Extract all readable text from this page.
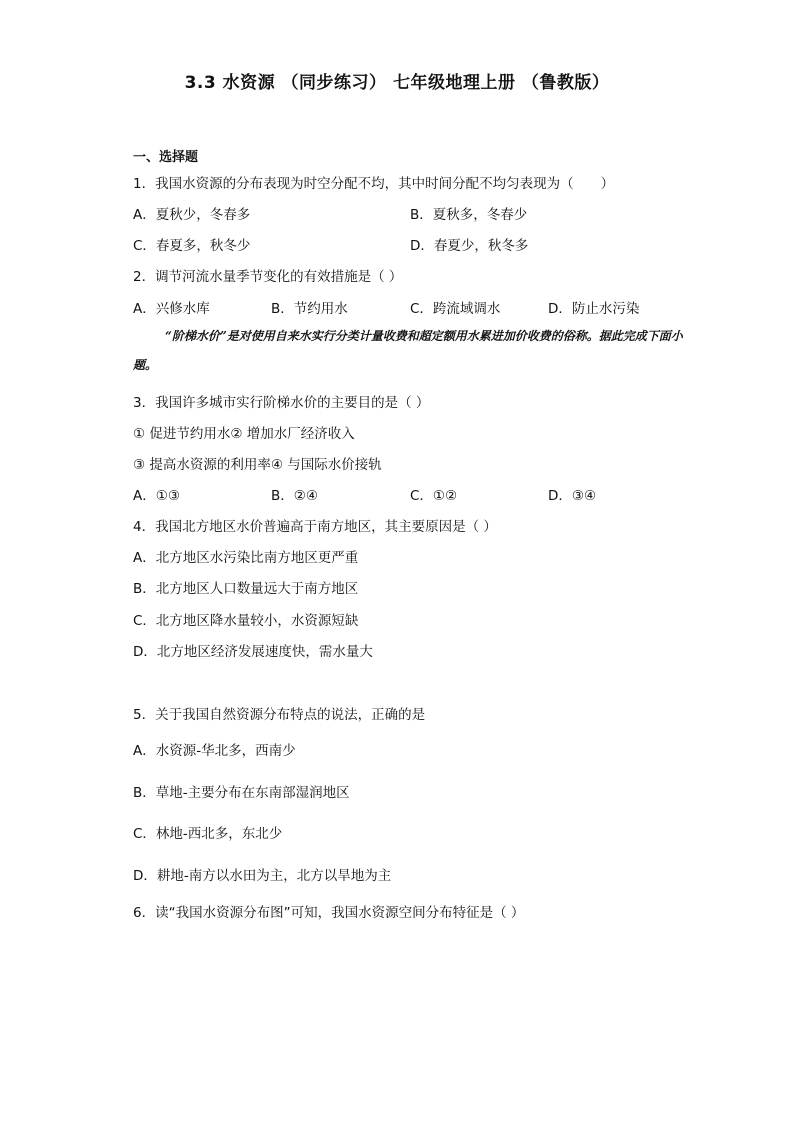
3.3 水资源 （同步练习） 七年级地理上册 （鲁教版）
一、选择题
1．我国水资源的分布表现为时空分配不均，其中时间分配不均匀表现为（　　）
A．夏秋少，冬春多	B．夏秋多，冬春少
C．春夏多，秋冬少	D．春夏少，秋冬多
2．调节河流水量季节变化的有效措施是（ ）
A．兴修水库	B．节约用水	C．跨流域调水	D．防止水污染
“阶梯水价”是对使用自来水实行分类计量收费和超定额用水累进加价收费的俗称。据此完成下面小题。
3．我国许多城市实行阶梯水价的主要目的是（ ）
① 促进节约用水② 增加水厂经济收入
③ 提高水资源的利用率④ 与国际水价接轨
A．①③	B．②④	C．①②	D．③④
4．我国北方地区水价普遍高于南方地区，其主要原因是（ ）
A．北方地区水污染比南方地区更严重
B．北方地区人口数量远大于南方地区
C．北方地区降水量较小，水资源短缺
D．北方地区经济发展速度快，需水量大
5．关于我国自然资源分布特点的说法，正确的是
A．水资源-华北多，西南少
B．草地-主要分布在东南部湿润地区
C．林地-西北多，东北少
D．耕地-南方以水田为主，北方以旱地为主
6．读“我国水资源分布图”可知，我国水资源空间分布特征是（ ）
